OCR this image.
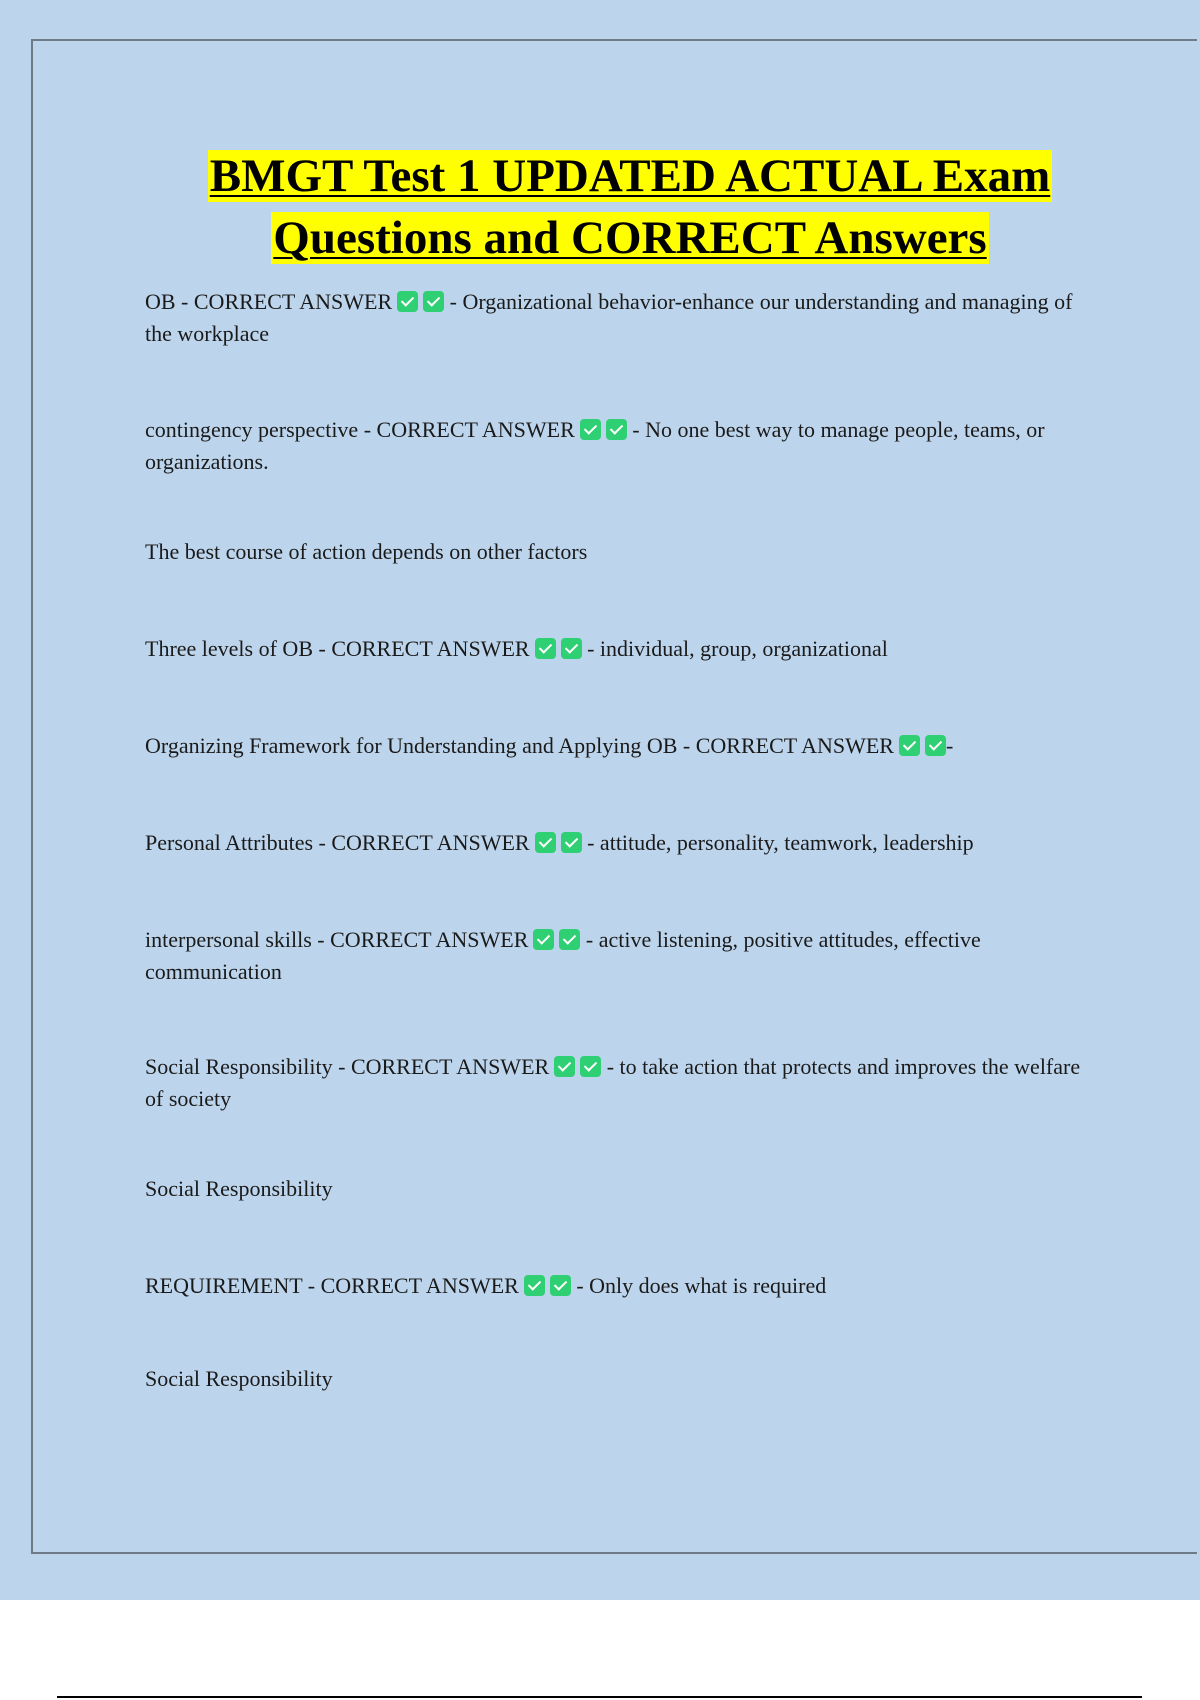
BMGT Test 1 UPDATED ACTUAL Exam
Questions and CORRECT Answers

OB - CORRECT ANSWER	- Organizational behavior-enhance our understanding and managing of the workplace

contingency perspective - CORRECT ANSWER	- No one best way to manage people, teams, or organizations.

The best course of action depends on other factors

Three levels of OB - CORRECT ANSWER	- individual, group, organizational

Organizing Framework for Understanding and Applying OB - CORRECT ANSWER -

Personal Attributes - CORRECT ANSWER	- attitude, personality, teamwork, leadership

interpersonal skills - CORRECT ANSWER	- active listening, positive attitudes, effective communication

Social Responsibility - CORRECT ANSWER	- to take action that protects and improves the welfare of society

Social Responsibility

REQUIREMENT - CORRECT ANSWER	- Only does what is required

Social Responsibility
